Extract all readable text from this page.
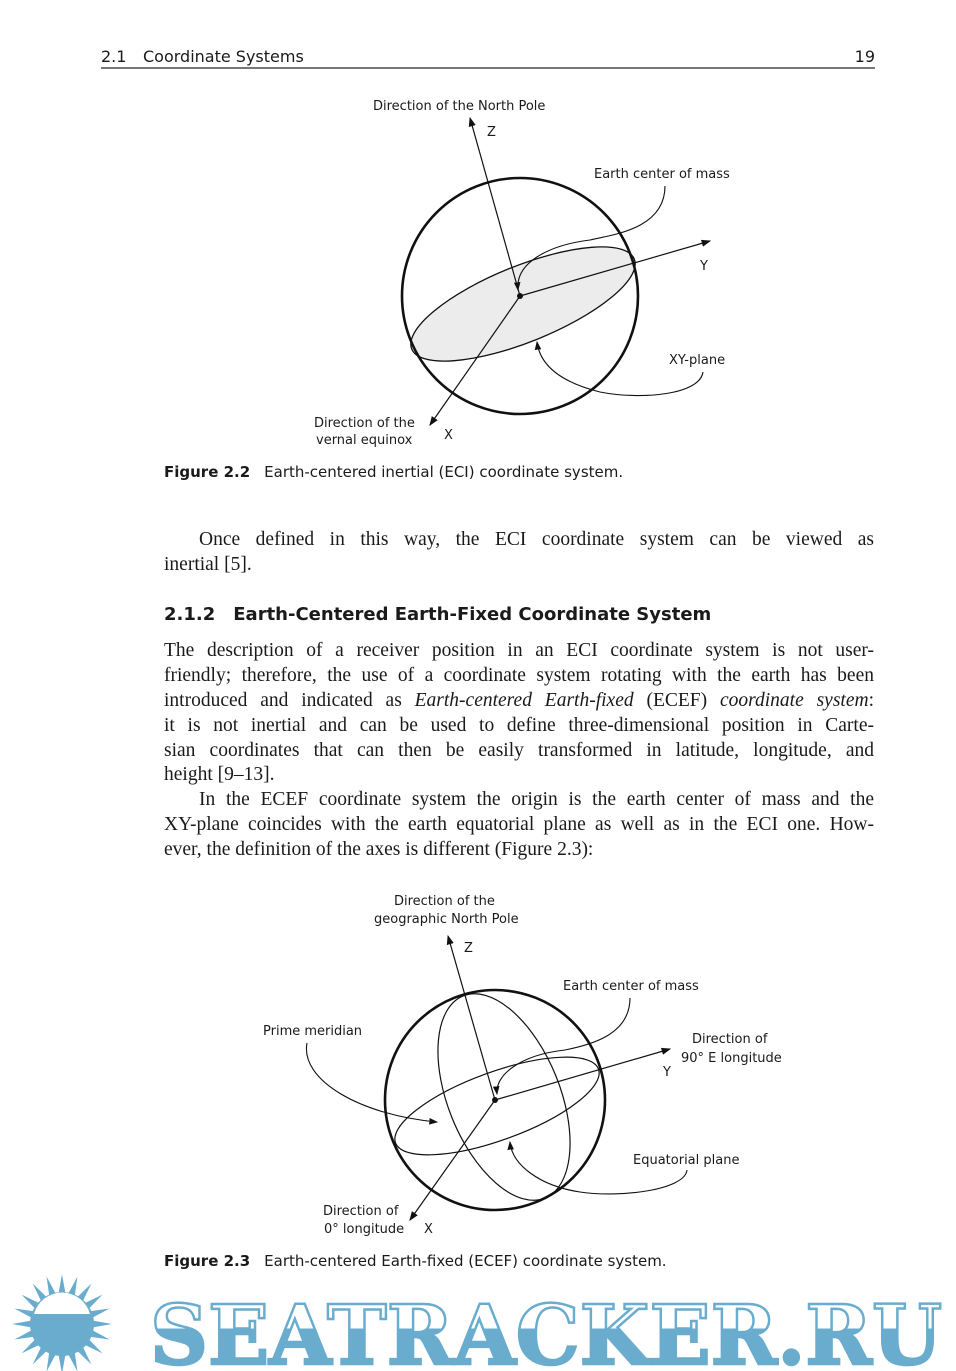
2.1 Coordinate Systems	19
Direction of the North Pole
Z
Earth center of mass
Y
XY-plane
Direction of the
vernal equinox X
Figure 2.2 Earth-centered inertial (ECI) coordinate system.
Once defined in this way, the ECI coordinate system can be viewed as
inertial [5].
2.1.2 Earth-Centered Earth-Fixed Coordinate System
The description of a receiver position in an ECI coordinate system is not user-
friendly; therefore, the use of a coordinate system rotating with the earth has been
introduced and indicated as Earth-centered Earth-fixed (ECEF) coordinate system:
it is not inertial and can be used to define three-dimensional position in Carte-
sian coordinates that can then be easily transformed in latitude, longitude, and
height [9–13].
In the ECEF coordinate system the origin is the earth center of mass and the
XY-plane coincides with the earth equatorial plane as well as in the ECI one. How-
ever, the definition of the axes is different (Figure 2.3):
Direction of the
geographic North Pole
Z
Earth center of mass
Prime meridian
Direction of
90° E longitude
Y
Equatorial plane
Direction of
0° longitude X
Figure 2.3 Earth-centered Earth-fixed (ECEF) coordinate system.
SEATRACKER.RU
